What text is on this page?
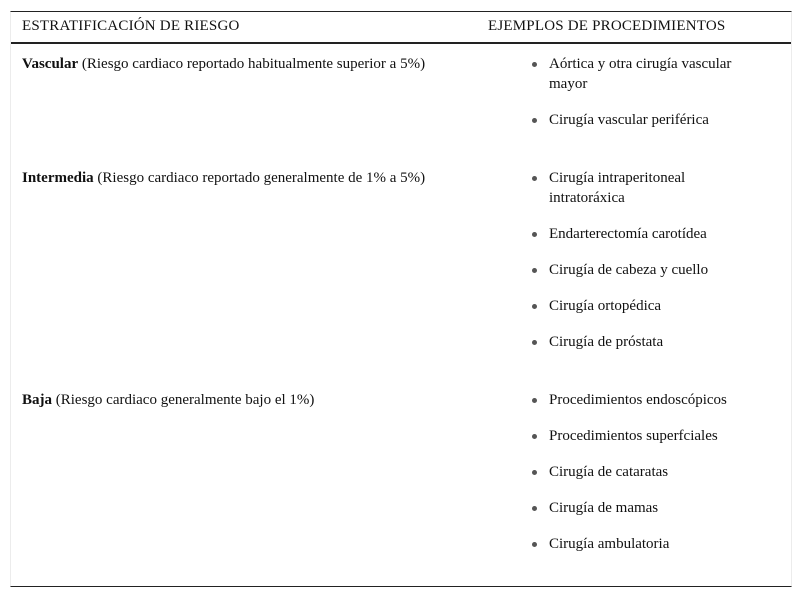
ESTRATIFICACIÓN DE RIESGO	EJEMPLOS DE PROCEDIMIENTOS
Vascular (Riesgo cardiaco reportado habitualmente superior a 5%)	Aórtica y otra cirugía vascular mayor
Cirugía vascular periférica
Intermedia (Riesgo cardiaco reportado generalmente de 1% a 5%)	Cirugía intraperitoneal intratoráxica
Endarterectomía carotídea
Cirugía de cabeza y cuello
Cirugía ortopédica
Cirugía de próstata
Baja (Riesgo cardiaco generalmente bajo el 1%)	Procedimientos endoscópicos
Procedimientos superfciales
Cirugía de cataratas
Cirugía de mamas
Cirugía ambulatoria
